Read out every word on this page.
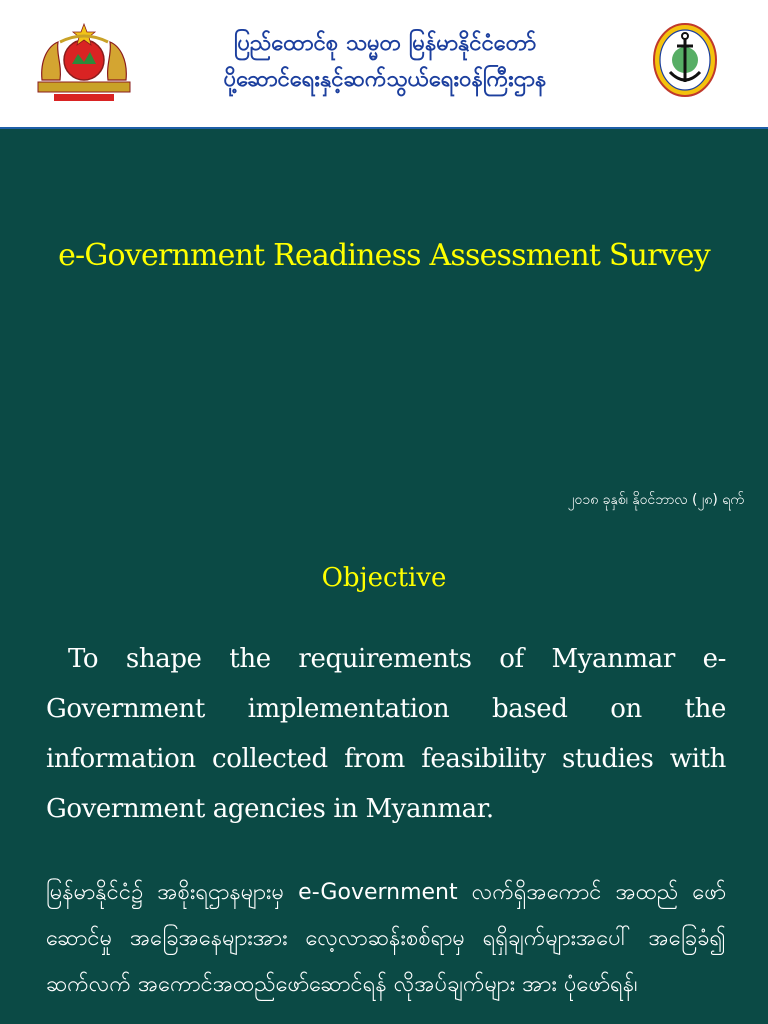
ပြည်ထောင်စု သမ္မတ မြန်မာနိုင်ငံတော်
ပို့ဆောင်ရေးနှင့်ဆက်သွယ်ရေးဝန်ကြီးဌာန
e-Government Readiness Assessment Survey
၂၀၁၈ ခုနှစ်၊ နိုဝင်ဘာလ (၂၈) ရက်
Objective
To shape the requirements of Myanmar e-Government implementation based on the information collected from feasibility studies with Government agencies in Myanmar.
မြန်မာနိုင်ငံ၌ အစိုးရဌာနများမှ e-Government လက်ရှိအကောင် အထည် ဖော်ဆောင်မှု အခြေအနေများအား လေ့လာဆန်းစစ်ရာမှ ရရှိချက်များအပေါ် အခြေခံ၍ ဆက်လက် အကောင်အထည်ဖော်ဆောင်ရန် လိုအပ်ချက်များ အား ပုံဖော်ရန်၊
